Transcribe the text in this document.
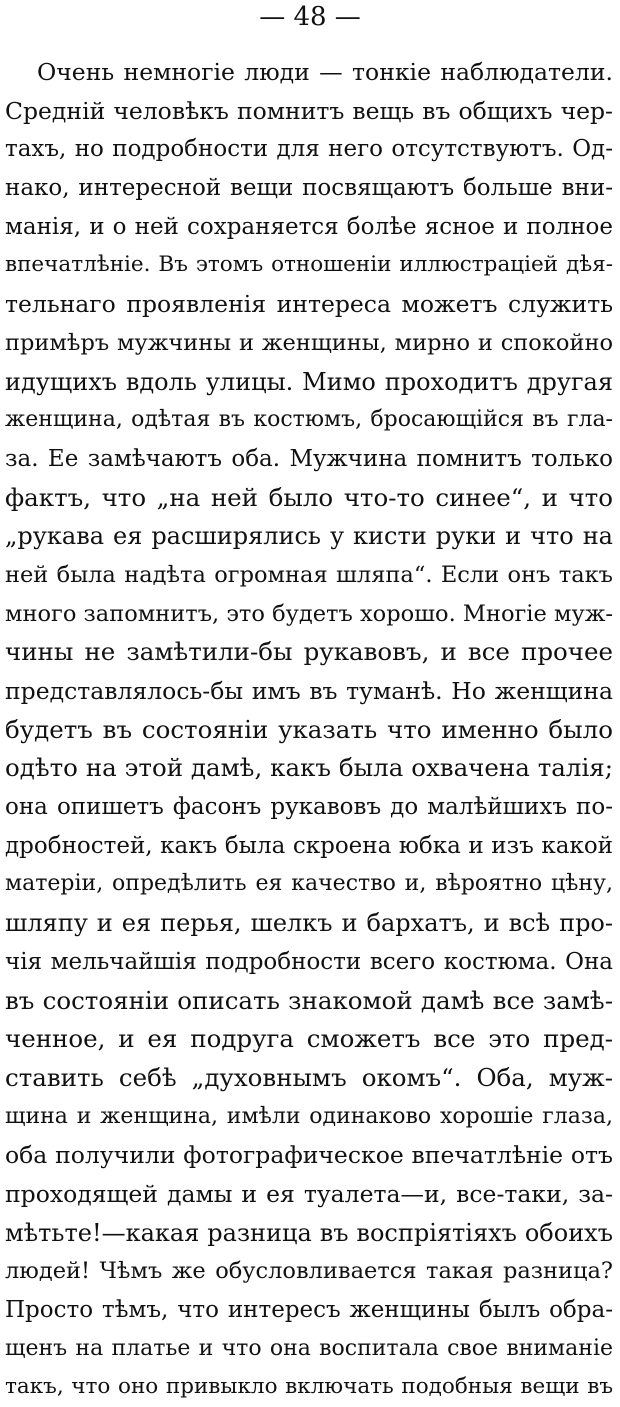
— 48 —
Очень немногіе люди — тонкіе наблюдатели.
Средній человѣкъ помнитъ вещь въ общихъ чер-
тахъ, но подробности для него отсутствуютъ. Од-
нако, интересной вещи посвящаютъ больше вни-
манія, и о ней сохраняется болѣе ясное и полное
впечатлѣніе. Въ этомъ отношеніи иллюстраціей дѣя-
тельнаго проявленія интереса можетъ служить
примѣръ мужчины и женщины, мирно и спокойно
идущихъ вдоль улицы. Мимо проходитъ другая
женщина, одѣтая въ костюмъ, бросающійся въ гла-
за. Ее замѣчаютъ оба. Мужчина помнитъ только
фактъ, что „на ней было что-то синее“, и что
„рукава ея расширялись у кисти руки и что на
ней была надѣта огромная шляпа“. Если онъ такъ
много запомнитъ, это будетъ хорошо. Многіе муж-
чины не замѣтили-бы рукавовъ, и все прочее
представлялось-бы имъ въ туманѣ. Но женщина
будетъ въ состояніи указать что именно было
одѣто на этой дамѣ, какъ была охвачена талія;
она опишетъ фасонъ рукавовъ до малѣйшихъ по-
дробностей, какъ была скроена юбка и изъ какой
матеріи, опредѣлить ея качество и, вѣроятно цѣну,
шляпу и ея перья, шелкъ и бархатъ, и всѣ про-
чія мельчайшія подробности всего костюма. Она
въ состояніи описать знакомой дамѣ все замѣ-
ченное, и ея подруга сможетъ все это пред-
ставить себѣ „духовнымъ окомъ“. Оба, муж-
щина и женщина, имѣли одинаково хорошіе глаза,
оба получили фотографическое впечатлѣніе отъ
проходящей дамы и ея туалета—и, все-таки, за-
мѣтьте!—какая разница въ воспріятіяхъ обоихъ
людей! Чѣмъ же обусловливается такая разница?
Просто тѣмъ, что интересъ женщины былъ обра-
щенъ на платье и что она воспитала свое вниманіе
такъ, что оно привыкло включать подобныя вещи въ
